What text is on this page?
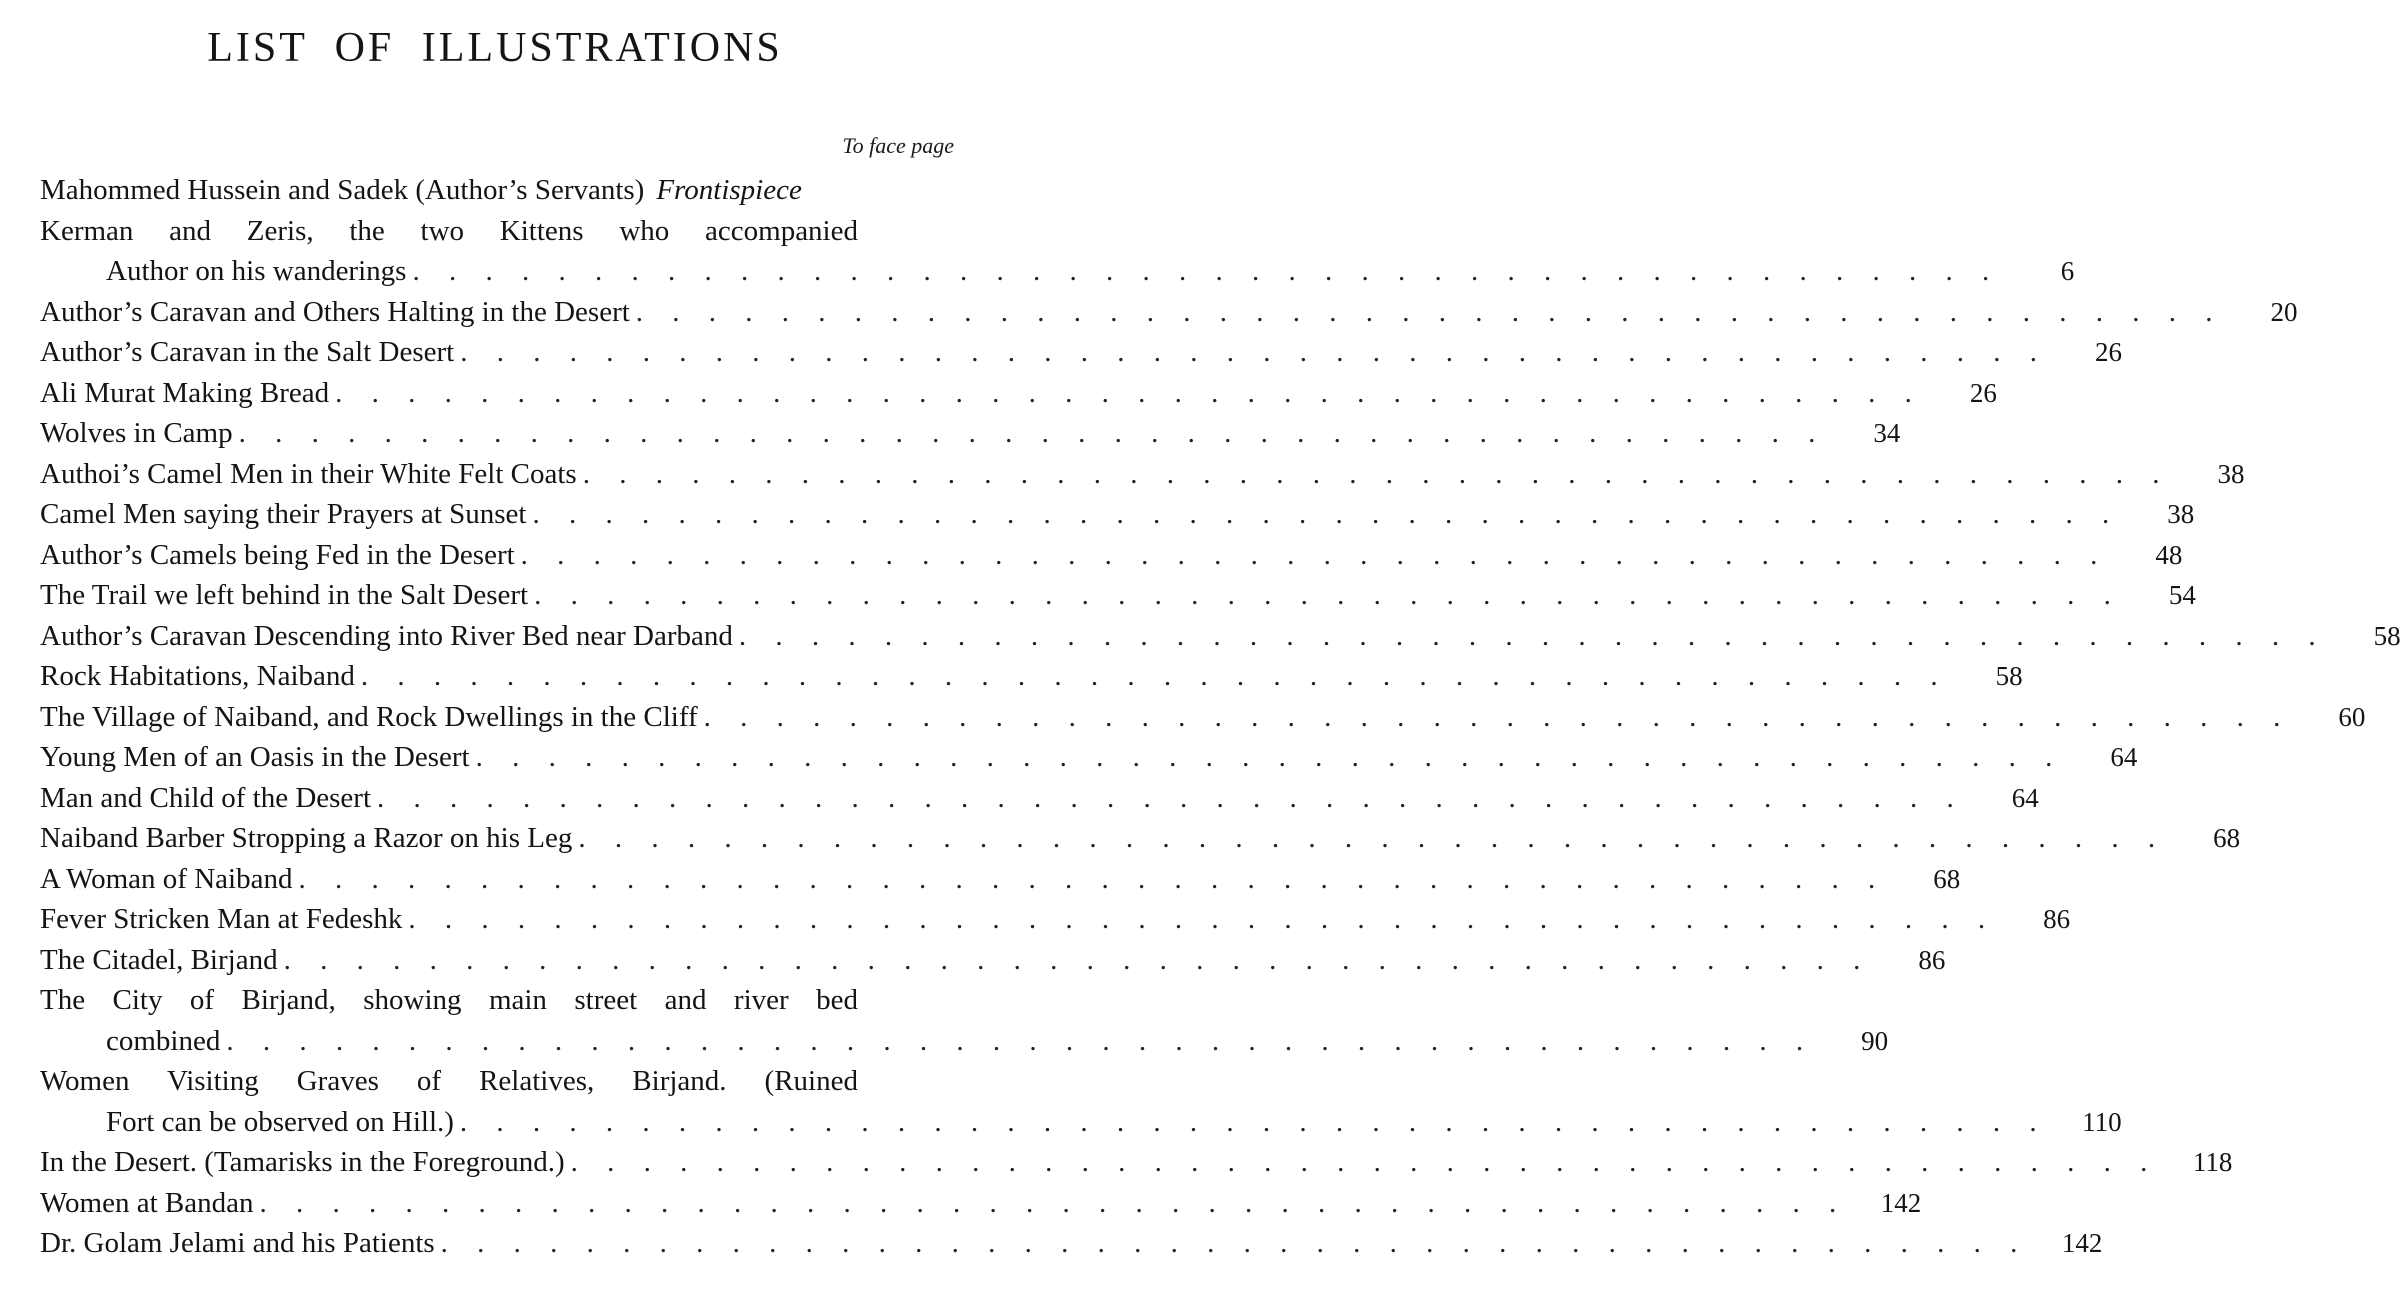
LIST OF ILLUSTRATIONS
To face page
Mahommed Hussein and Sadek (Author’s Servants) Frontispiece
Kerman and Zeris, the two Kittens who accompanied
Author on his wanderings . . . . . . . . . . . . . . . . . . . . . . . . . . . . . . . . . . . . . . . . . . . .	6
Author’s Caravan and Others Halting in the Desert . . . . . . . . . . . . . . . . . . . . . . . . . . . . . . . . . . . . . . . . . . . .	20
Author’s Caravan in the Salt Desert . . . . . . . . . . . . . . . . . . . . . . . . . . . . . . . . . . . . . . . . . . . .	26
Ali Murat Making Bread . . . . . . . . . . . . . . . . . . . . . . . . . . . . . . . . . . . . . . . . . . . .	26
Wolves in Camp . . . . . . . . . . . . . . . . . . . . . . . . . . . . . . . . . . . . . . . . . . . .	34
Authoi’s Camel Men in their White Felt Coats . . . . . . . . . . . . . . . . . . . . . . . . . . . . . . . . . . . . . . . . . . . .	38
Camel Men saying their Prayers at Sunset . . . . . . . . . . . . . . . . . . . . . . . . . . . . . . . . . . . . . . . . . . . .	38
Author’s Camels being Fed in the Desert . . . . . . . . . . . . . . . . . . . . . . . . . . . . . . . . . . . . . . . . . . . .	48
The Trail we left behind in the Salt Desert . . . . . . . . . . . . . . . . . . . . . . . . . . . . . . . . . . . . . . . . . . . .	54
Author’s Caravan Descending into River Bed near Darband . . . . . . . . . . . . . . . . . . . . . . . . . . . . . . . . . . . . . . . . . . . .	58
Rock Habitations, Naiband . . . . . . . . . . . . . . . . . . . . . . . . . . . . . . . . . . . . . . . . . . . .	58
The Village of Naiband, and Rock Dwellings in the Cliff . . . . . . . . . . . . . . . . . . . . . . . . . . . . . . . . . . . . . . . . . . . .	60
Young Men of an Oasis in the Desert . . . . . . . . . . . . . . . . . . . . . . . . . . . . . . . . . . . . . . . . . . . .	64
Man and Child of the Desert . . . . . . . . . . . . . . . . . . . . . . . . . . . . . . . . . . . . . . . . . . . .	64
Naiband Barber Stropping a Razor on his Leg . . . . . . . . . . . . . . . . . . . . . . . . . . . . . . . . . . . . . . . . . . . .	68
A Woman of Naiband . . . . . . . . . . . . . . . . . . . . . . . . . . . . . . . . . . . . . . . . . . . .	68
Fever Stricken Man at Fedeshk . . . . . . . . . . . . . . . . . . . . . . . . . . . . . . . . . . . . . . . . . . . .	86
The Citadel, Birjand . . . . . . . . . . . . . . . . . . . . . . . . . . . . . . . . . . . . . . . . . . . .	86
The City of Birjand, showing main street and river bed
combined . . . . . . . . . . . . . . . . . . . . . . . . . . . . . . . . . . . . . . . . . . . .	90
Women Visiting Graves of Relatives, Birjand. (Ruined
Fort can be observed on Hill.) . . . . . . . . . . . . . . . . . . . . . . . . . . . . . . . . . . . . . . . . . . . .	110
In the Desert. (Tamarisks in the Foreground.) . . . . . . . . . . . . . . . . . . . . . . . . . . . . . . . . . . . . . . . . . . . .	118
Women at Bandan . . . . . . . . . . . . . . . . . . . . . . . . . . . . . . . . . . . . . . . . . . . .	142
Dr. Golam Jelami and his Patients . . . . . . . . . . . . . . . . . . . . . . . . . . . . . . . . . . . . . . . . . . . .	142
